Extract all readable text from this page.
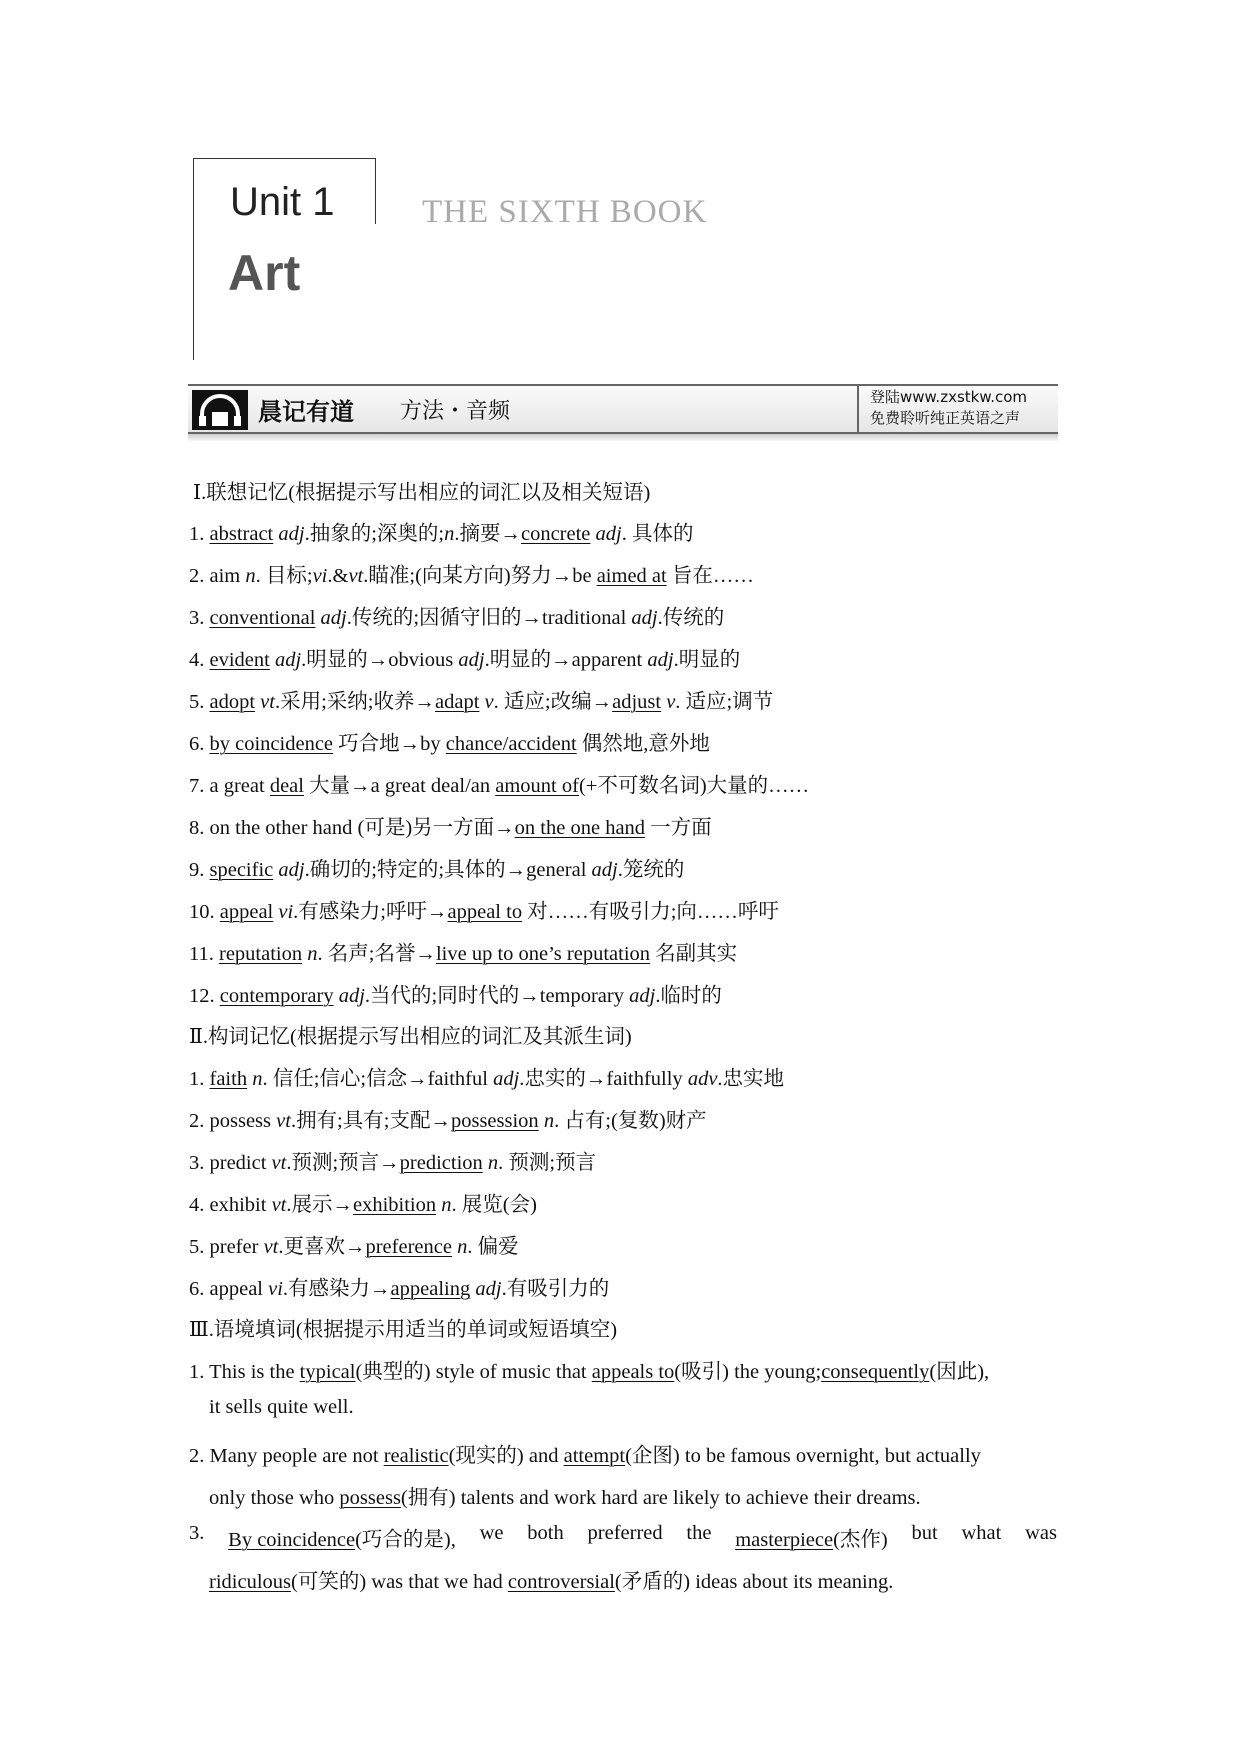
Unit 1
Art
THE SIXTH BOOK
晨记有道 方法・音频
登陆www.zxstkw.com
免费聆听纯正英语之声
Ⅰ.联想记忆(根据提示写出相应的词汇以及相关短语)
1. abstract adj.抽象的;深奥的;n.摘要→concrete adj. 具体的
2. aim n. 目标;vi.&vt.瞄准;(向某方向)努力→be aimed at 旨在……
3. conventional adj.传统的;因循守旧的→traditional adj.传统的
4. evident adj.明显的→obvious adj.明显的→apparent adj.明显的
5. adopt vt.采用;采纳;收养→adapt v. 适应;改编→adjust v. 适应;调节
6. by coincidence 巧合地→by chance/accident 偶然地,意外地
7. a great deal 大量→a great deal/an amount of(+不可数名词)大量的……
8. on the other hand (可是)另一方面→on the one hand 一方面
9. specific adj.确切的;特定的;具体的→general adj.笼统的
10. appeal vi.有感染力;呼吁→appeal to 对……有吸引力;向……呼吁
11. reputation n. 名声;名誉→live up to one’s reputation 名副其实
12. contemporary adj.当代的;同时代的→temporary adj.临时的
Ⅱ.构词记忆(根据提示写出相应的词汇及其派生词)
1. faith n. 信任;信心;信念→faithful adj.忠实的→faithfully adv.忠实地
2. possess vt.拥有;具有;支配→possession n. 占有;(复数)财产
3. predict vt.预测;预言→prediction n. 预测;预言
4. exhibit vt.展示→exhibition n. 展览(会)
5. prefer vt.更喜欢→preference n. 偏爱
6. appeal vi.有感染力→appealing adj.有吸引力的
Ⅲ.语境填词(根据提示用适当的单词或短语填空)
1. This is the typical(典型的) style of music that appeals to(吸引) the young;consequently(因此),
it sells quite well.
2. Many people are not realistic(现实的) and attempt(企图) to be famous overnight, but actually
only those who possess(拥有) talents and work hard are likely to achieve their dreams.
3. By coincidence(巧合的是), we both preferred the masterpiece(杰作) but what was
ridiculous(可笑的) was that we had controversial(矛盾的) ideas about its meaning.
